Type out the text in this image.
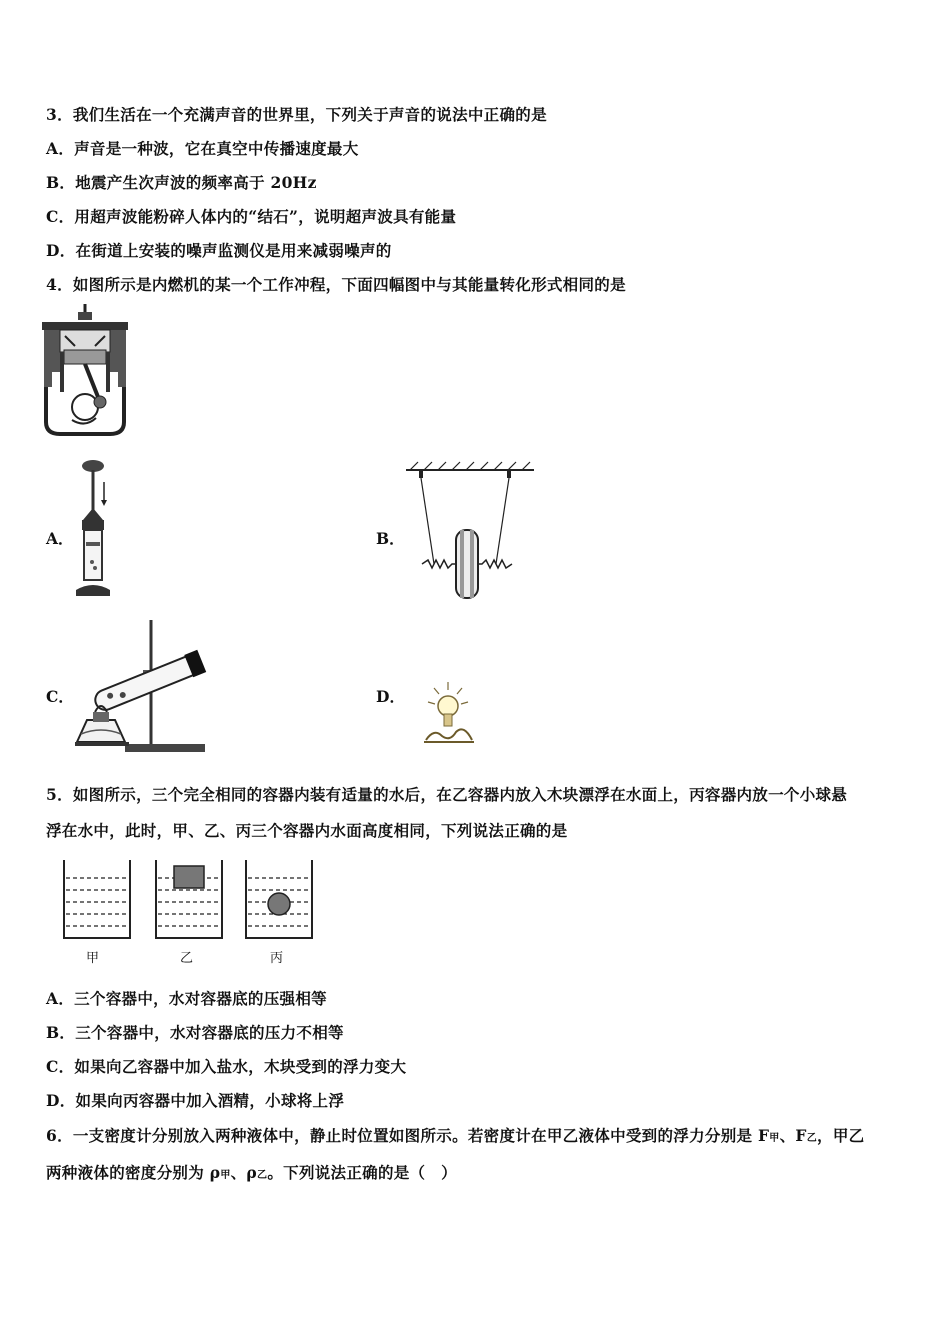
3．我们生活在一个充满声音的世界里，下列关于声音的说法中正确的是
A．声音是一种波，它在真空中传播速度最大
B．地震产生次声波的频率高于 20Hz
C．用超声波能粉碎人体内的“结石”，说明超声波具有能量
D．在街道上安装的噪声监测仪是用来减弱噪声的
4．如图所示是内燃机的某一个工作冲程，下面四幅图中与其能量转化形式相同的是
A．	B．
C．	D．
5．如图所示，三个完全相同的容器内装有适量的水后，在乙容器内放入木块漂浮在水面上，丙容器内放一个小球悬
浮在水中，此时，甲、乙、丙三个容器内水面高度相同，下列说法正确的是
甲	乙	丙
A．三个容器中，水对容器底的压强相等
B．三个容器中，水对容器底的压力不相等
C．如果向乙容器中加入盐水，木块受到的浮力变大
D．如果向丙容器中加入酒精，小球将上浮
6．一支密度计分别放入两种液体中，静止时位置如图所示。若密度计在甲乙液体中受到的浮力分别是 F甲、F乙，甲乙
两种液体的密度分别为 ρ甲、ρ乙。下列说法正确的是（　）
